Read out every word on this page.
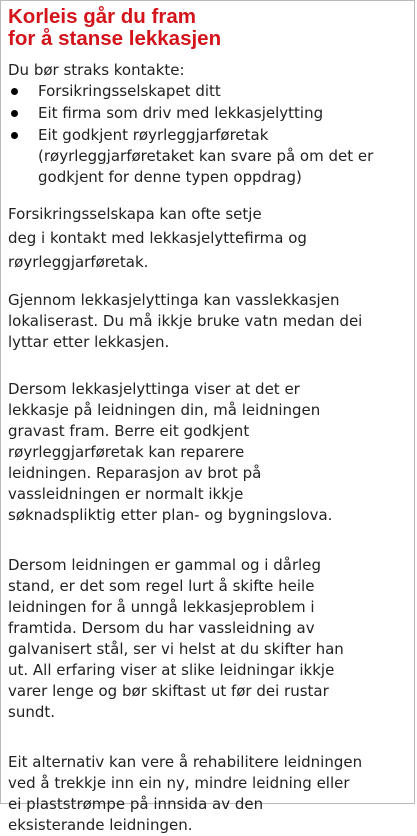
Korleis går du fram
for å stanse lekkasjen

Du bør straks kontakte:

Forsikringsselskapet ditt
Eit firma som driv med lekkasjelytting
Eit godkjent røyrleggjarføretak
(røyrleggjarføretaket kan svare på om det er
godkjent for denne typen oppdrag)

Forsikringsselskapa kan ofte setje
deg i kontakt med lekkasjelyttefirma og
røyrleggjarføretak.

Gjennom lekkasjelyttinga kan vasslekkasjen
lokaliserast. Du må ikkje bruke vatn medan dei
lyttar etter lekkasjen.

Dersom lekkasjelyttinga viser at det er
lekkasje på leidningen din, må leidningen
gravast fram. Berre eit godkjent
røyrleggjarføretak kan reparere
leidningen. Reparasjon av brot på
vassleidningen er normalt ikkje
søknadspliktig etter plan- og bygningslova.

Dersom leidningen er gammal og i dårleg
stand, er det som regel lurt å skifte heile
leidningen for å unngå lekkasjeproblem i
framtida. Dersom du har vassleidning av
galvanisert stål, ser vi helst at du skifter han
ut. All erfaring viser at slike leidningar ikkje
varer lenge og bør skiftast ut før dei rustar
sundt.

Eit alternativ kan vere å rehabilitere leidningen
ved å trekkje inn ein ny, mindre leidning eller
ei plaststrømpe på innsida av den
eksisterande leidningen.
